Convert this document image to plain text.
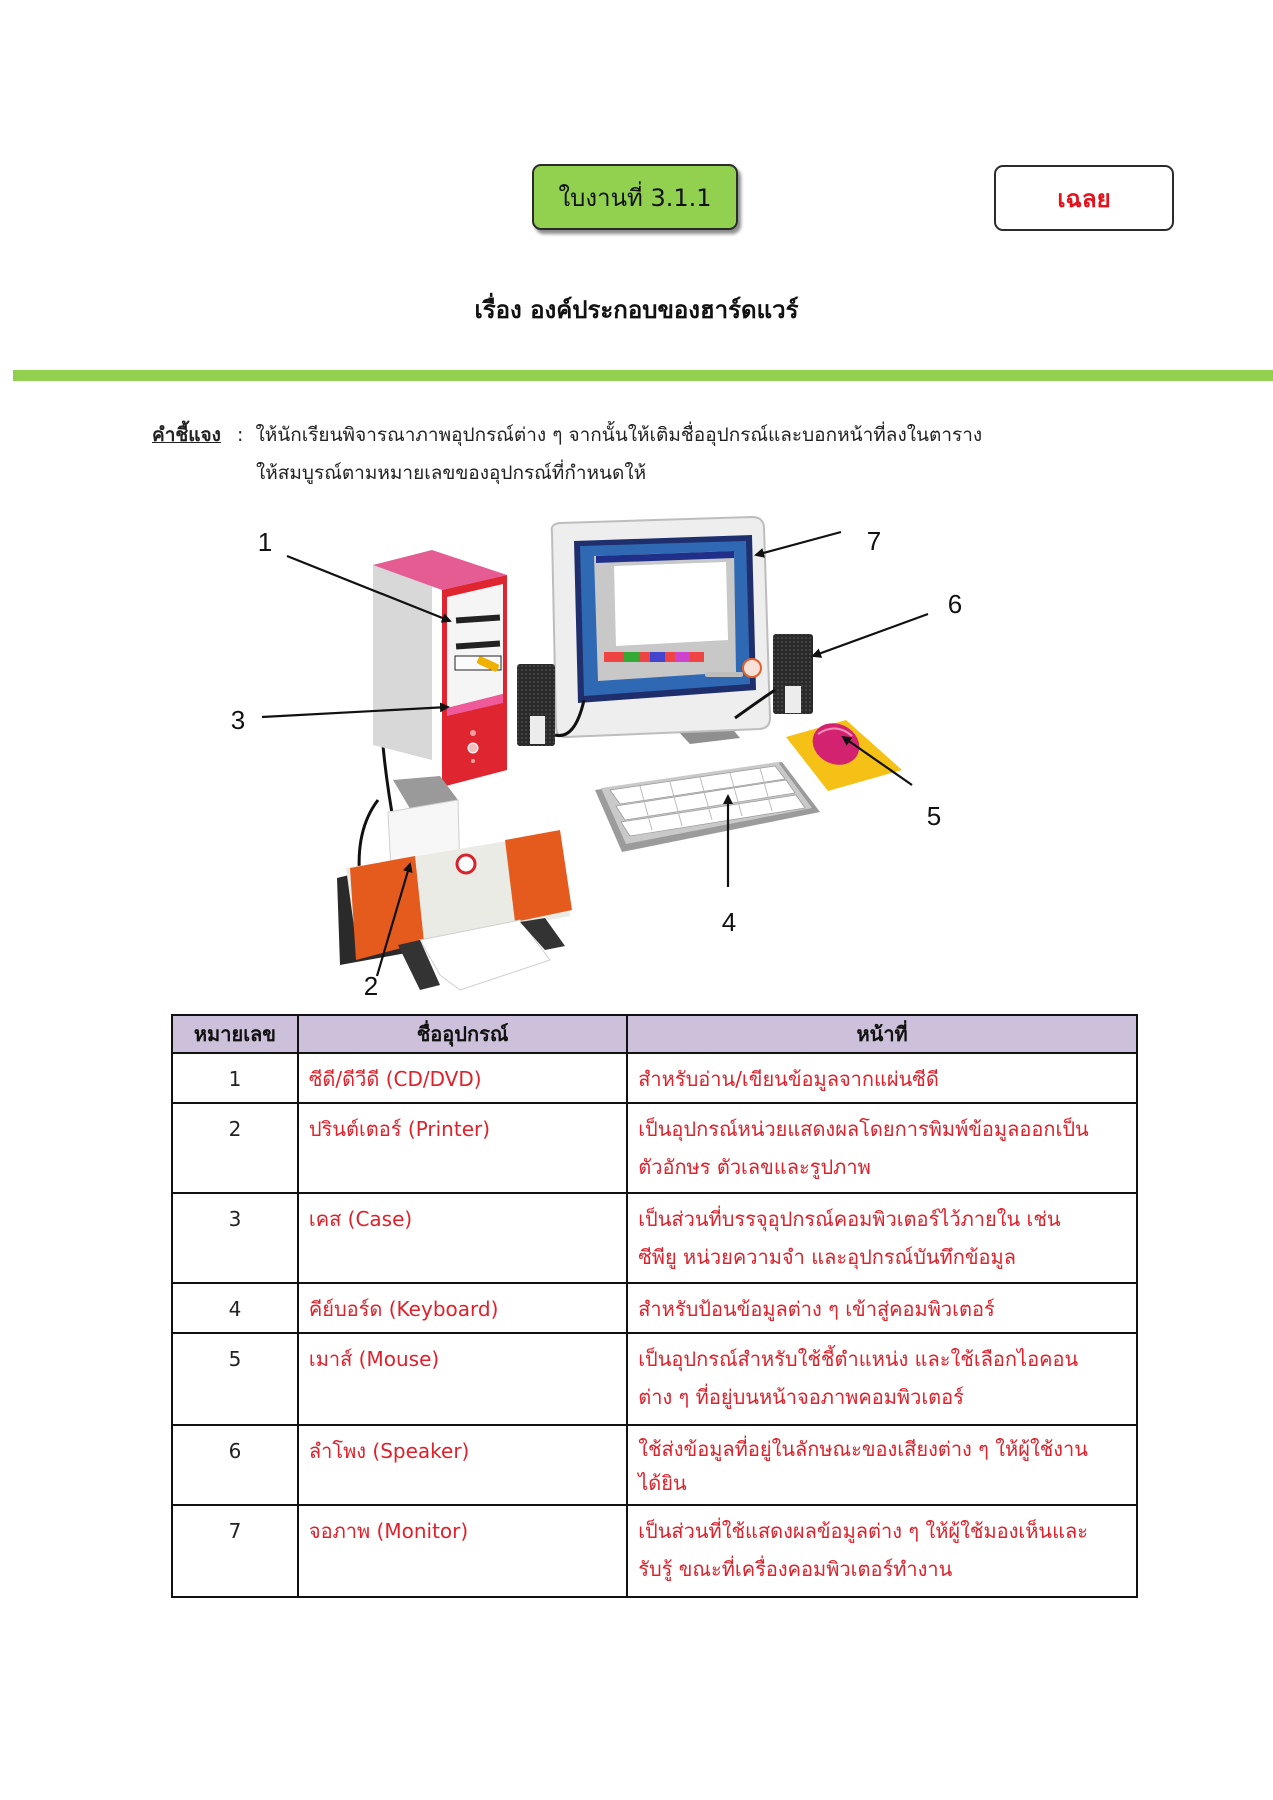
ใบงานที่ 3.1.1	เฉลย
เรื่อง องค์ประกอบของฮาร์ดแวร์
คำชี้แจง : ให้นักเรียนพิจารณาภาพอุปกรณ์ต่าง ๆ จากนั้นให้เติมชื่ออุปกรณ์และบอกหน้าที่ลงในตาราง
ให้สมบูรณ์ตามหมายเลขของอุปกรณ์ที่กำหนดให้
1
2
3
4
5
6
7
หมายเลข	ชื่ออุปกรณ์	หน้าที่
1	ซีดี/ดีวีดี (CD/DVD)	สำหรับอ่าน/เขียนข้อมูลจากแผ่นซีดี

2	ปรินต์เตอร์ (Printer)	เป็นอุปกรณ์หน่วยแสดงผลโดยการพิมพ์ข้อมูลออกเป็น
ตัวอักษร ตัวเลขและรูปภาพ

3	เคส (Case)	เป็นส่วนที่บรรจุอุปกรณ์คอมพิวเตอร์ไว้ภายใน เช่น
ซีพียู หน่วยความจำ และอุปกรณ์บันทึกข้อมูล

4	คีย์บอร์ด (Keyboard)	สำหรับป้อนข้อมูลต่าง ๆ เข้าสู่คอมพิวเตอร์

5	เมาส์ (Mouse)	เป็นอุปกรณ์สำหรับใช้ชี้ตำแหน่ง และใช้เลือกไอคอน
ต่าง ๆ ที่อยู่บนหน้าจอภาพคอมพิวเตอร์

6	ลำโพง (Speaker)	ใช้ส่งข้อมูลที่อยู่ในลักษณะของเสียงต่าง ๆ ให้ผู้ใช้งาน
ได้ยิน

7	จอภาพ (Monitor)	เป็นส่วนที่ใช้แสดงผลข้อมูลต่าง ๆ ให้ผู้ใช้มองเห็นและ
รับรู้ ขณะที่เครื่องคอมพิวเตอร์ทำงาน
